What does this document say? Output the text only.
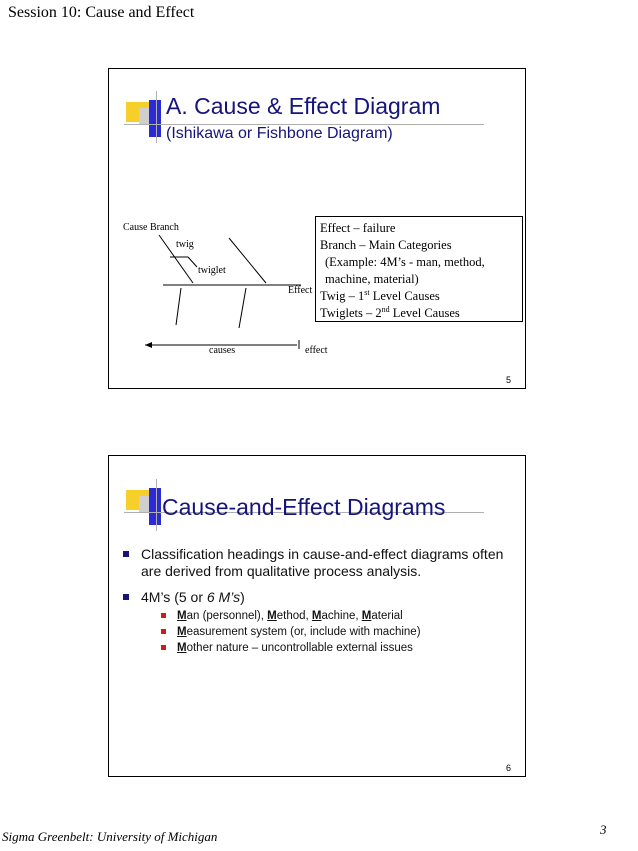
Session 10: Cause and Effect
A. Cause & Effect Diagram
(Ishikawa or Fishbone Diagram)
Cause Branch
twig
twiglet
Effect
causes	effect
Effect – failure
Branch – Main Categories
(Example: 4M’s - man, method,
machine, material)
Twig – 1st Level Causes
Twiglets – 2nd Level Causes
5
Cause-and-Effect Diagrams
Classification headings in cause-and-effect diagrams often are derived from qualitative process analysis.
4M’s (5 or 6 M’s)
Man (personnel), Method, Machine, Material
Measurement system (or, include with machine)
Mother nature – uncontrollable external issues
6
Sigma Greenbelt: University of Michigan	3
